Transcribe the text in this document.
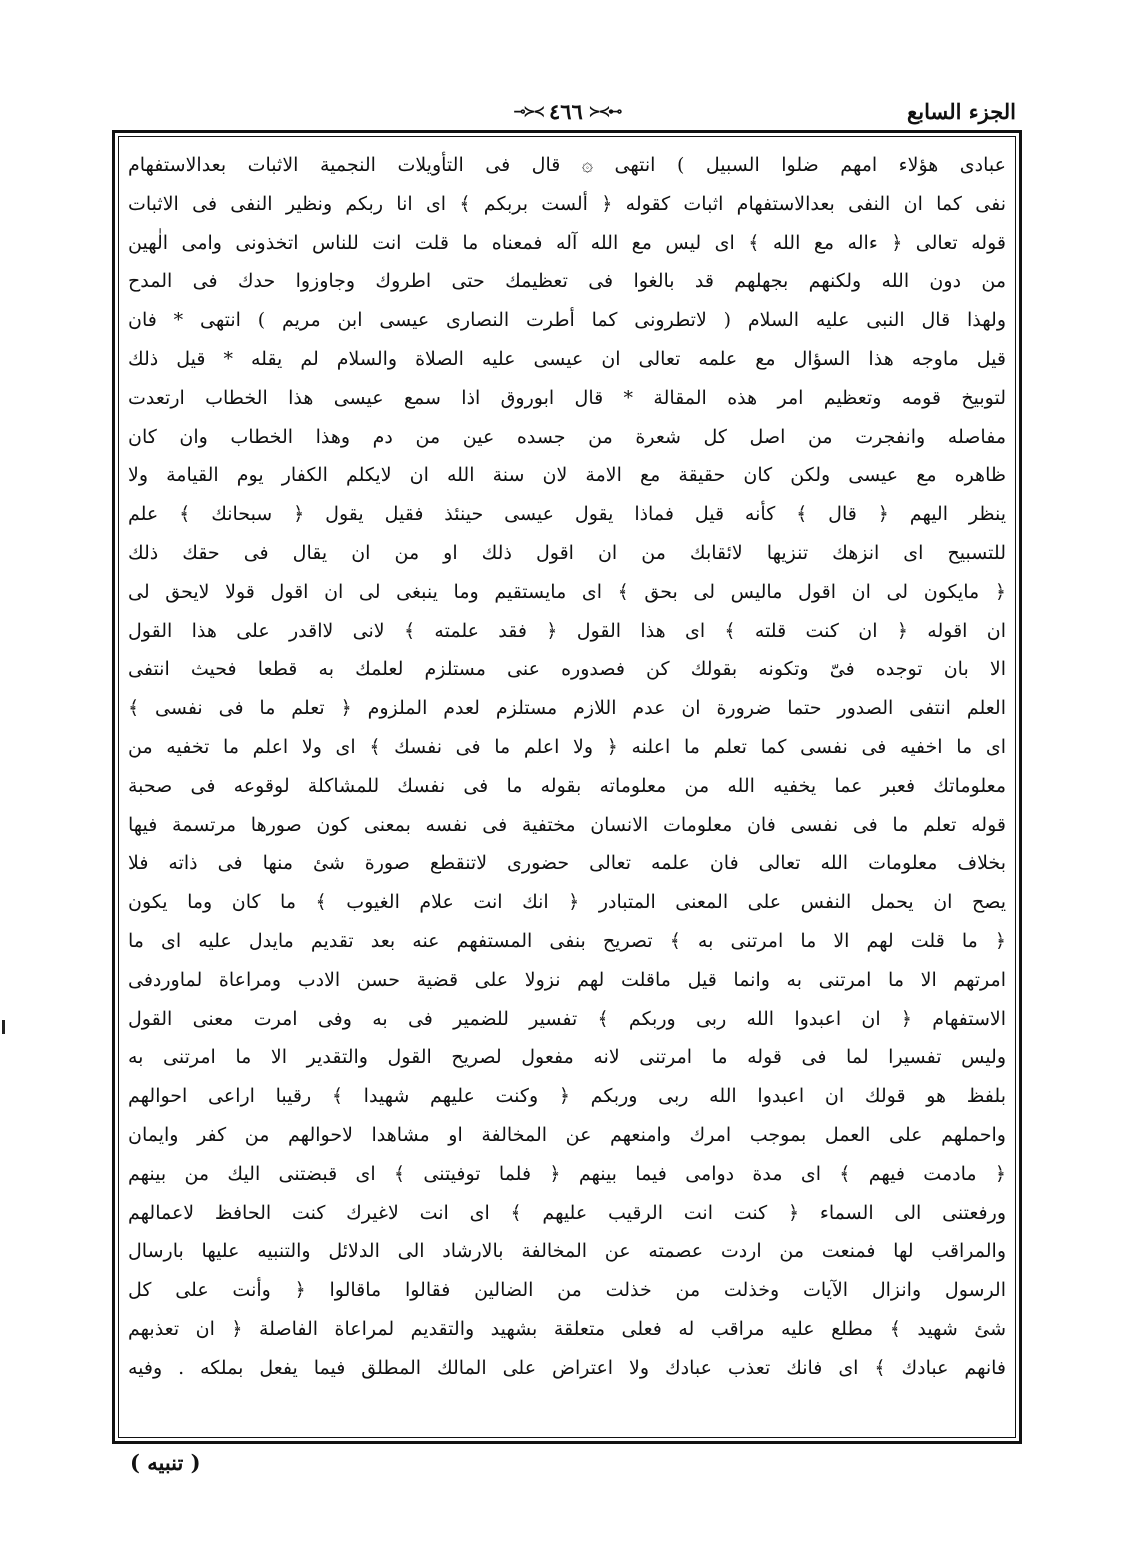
⊸≻≺ ٤٦٦ ≻≺⊷	الجزء السابع
عبادى هؤلاء امهم ضلوا السبيل ) انتهى ۞ قال فى التأويلات النجمية الاثبات بعدالاستفهام
نفى كما ان النفى بعدالاستفهام اثبات كقوله ﴿ ألست بربكم ﴾ اى انا ربكم ونظير النفى فى الاثبات
قوله تعالى ﴿ ءاله مع الله ﴾ اى ليس مع الله آله فمعناه ما قلت انت للناس اتخذونى وامى الٰهين
من دون الله ولكنهم بجهلهم قد بالغوا فى تعظيمك حتى اطروك وجاوزوا حدك فى المدح
ولهذا قال النبى عليه السلام ( لاتطرونى كما أطرت النصارى عيسى ابن مريم ) انتهى * فان
قيل ماوجه هذا السؤال مع علمه تعالى ان عيسى عليه الصلاة والسلام لم يقله * قيل ذلك
لتوبيخ قومه وتعظيم امر هذه المقالة * قال ابوروق اذا سمع عيسى هذا الخطاب ارتعدت
مفاصله وانفجرت من اصل كل شعرة من جسده عين من دم وهذا الخطاب وان كان
ظاهره مع عيسى ولكن كان حقيقة مع الامة لان سنة الله ان لايكلم الكفار يوم القيامة ولا
ينظر اليهم ﴿ قال ﴾ كأنه قيل فماذا يقول عيسى حينئذ فقيل يقول ﴿ سبحانك ﴾ علم
للتسبيح اى انزهك تنزيها لائقابك من ان اقول ذلك او من ان يقال فى حقك ذلك
﴿ مايكون لى ان اقول ماليس لى بحق ﴾ اى مايستقيم وما ينبغى لى ان اقول قولا لايحق لى
ان اقوله ﴿ ان كنت قلته ﴾ اى هذا القول ﴿ فقد علمته ﴾ لانى لااقدر على هذا القول
الا بان توجده فىّ وتكونه بقولك كن فصدوره عنى مستلزم لعلمك به قطعا فحيث انتفى
العلم انتفى الصدور حتما ضرورة ان عدم اللازم مستلزم لعدم الملزوم ﴿ تعلم ما فى نفسى ﴾
اى ما اخفيه فى نفسى كما تعلم ما اعلنه ﴿ ولا اعلم ما فى نفسك ﴾ اى ولا اعلم ما تخفيه من
معلوماتك فعبر عما يخفيه الله من معلوماته بقوله ما فى نفسك للمشاكلة لوقوعه فى صحبة
قوله تعلم ما فى نفسى فان معلومات الانسان مختفية فى نفسه بمعنى كون صورها مرتسمة فيها
بخلاف معلومات الله تعالى فان علمه تعالى حضورى لاتنقطع صورة شئ منها فى ذاته فلا
يصح ان يحمل النفس على المعنى المتبادر ﴿ انك انت علام الغيوب ﴾ ما كان وما يكون
﴿ ما قلت لهم الا ما امرتنى به ﴾ تصريح بنفى المستفهم عنه بعد تقديم مايدل عليه اى ما
امرتهم الا ما امرتنى به وانما قيل ماقلت لهم نزولا على قضية حسن الادب ومراعاة لماوردفى
الاستفهام ﴿ ان اعبدوا الله ربى وربكم ﴾ تفسير للضمير فى به وفى امرت معنى القول
وليس تفسيرا لما فى قوله ما امرتنى لانه مفعول لصريح القول والتقدير الا ما امرتنى به
بلفظ هو قولك ان اعبدوا الله ربى وربكم ﴿ وكنت عليهم شهيدا ﴾ رقيبا اراعى احوالهم
واحملهم على العمل بموجب امرك وامنعهم عن المخالفة او مشاهدا لاحوالهم من كفر وايمان
﴿ مادمت فيهم ﴾ اى مدة دوامى فيما بينهم ﴿ فلما توفيتنى ﴾ اى قبضتنى اليك من بينهم
ورفعتنى الى السماء ﴿ كنت انت الرقيب عليهم ﴾ اى انت لاغيرك كنت الحافظ لاعمالهم
والمراقب لها فمنعت من اردت عصمته عن المخالفة بالارشاد الى الدلائل والتنبيه عليها بارسال
الرسول وانزال الآيات وخذلت من خذلت من الضالين فقالوا ماقالوا ﴿ وأنت على كل
شئ شهيد ﴾ مطلع عليه مراقب له فعلى متعلقة بشهيد والتقديم لمراعاة الفاصلة ﴿ ان تعذبهم
فانهم عبادك ﴾ اى فانك تعذب عبادك ولا اعتراض على المالك المطلق فيما يفعل بملكه . وفيه
( تنبيه )
